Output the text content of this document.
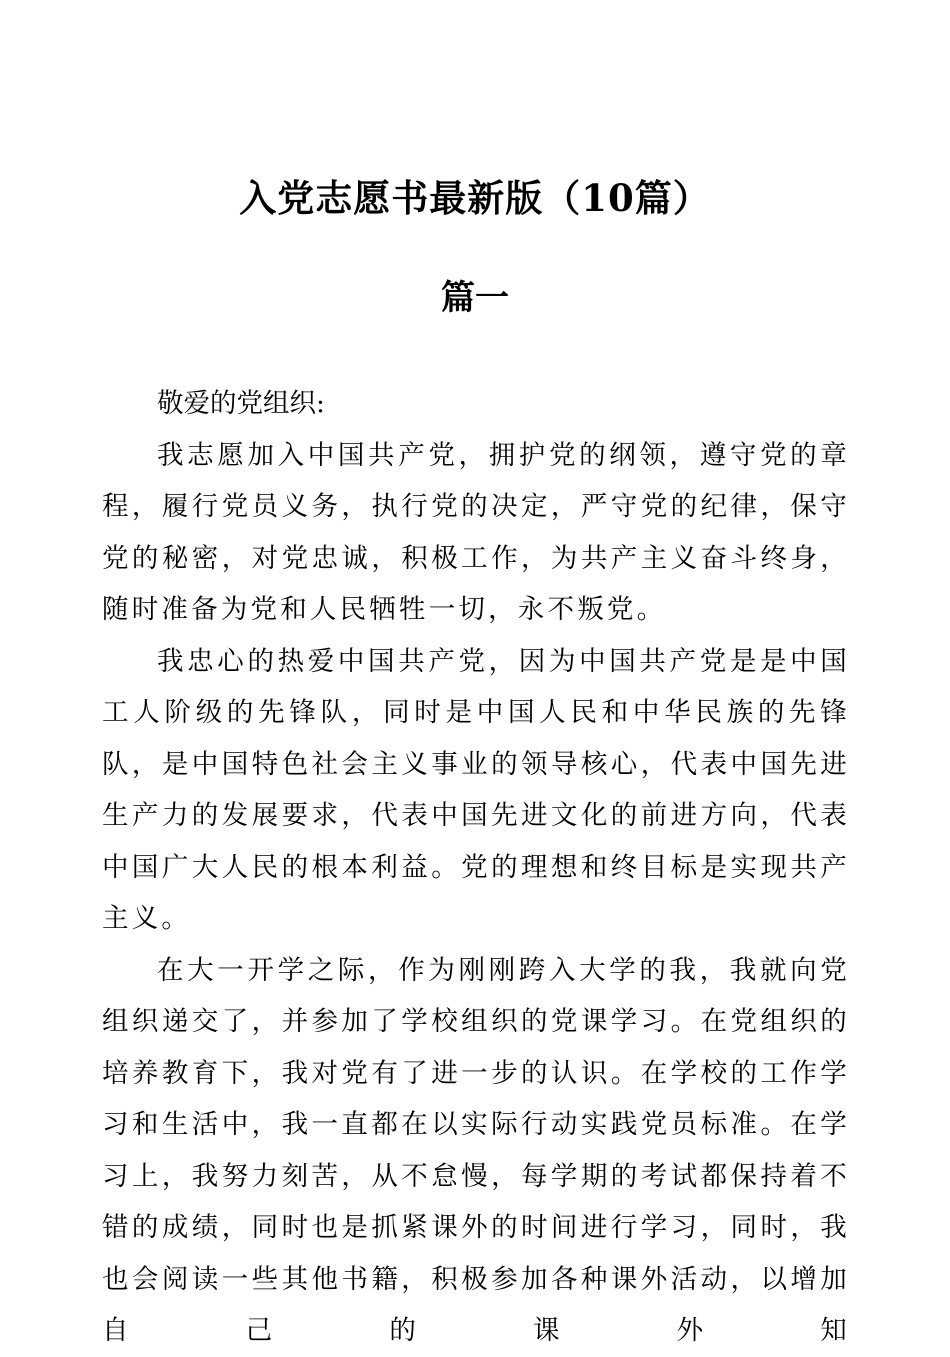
入党志愿书最新版（10篇）
篇一

敬爱的党组织:

我志愿加入中国共产党，拥护党的纲领，遵守党的章程，履行党员义务，执行党的决定，严守党的纪律，保守党的秘密，对党忠诚，积极工作，为共产主义奋斗终身，随时准备为党和人民牺牲一切，永不叛党。

我忠心的热爱中国共产党，因为中国共产党是是中国工人阶级的先锋队，同时是中国人民和中华民族的先锋队，是中国特色社会主义事业的领导核心，代表中国先进生产力的发展要求，代表中国先进文化的前进方向，代表中国广大人民的根本利益。党的理想和终目标是实现共产主义。

在大一开学之际，作为刚刚跨入大学的我，我就向党组织递交了，并参加了学校组织的党课学习。在党组织的培养教育下，我对党有了进一步的认识。在学校的工作学习和生活中，我一直都在以实际行动实践党员标准。在学习上，我努力刻苦，从不怠慢，每学期的考试都保持着不错的成绩，同时也是抓紧课外的时间进行学习，同时，我也会阅读一些其他书籍，积极参加各种课外活动，以增加自己的课外知
